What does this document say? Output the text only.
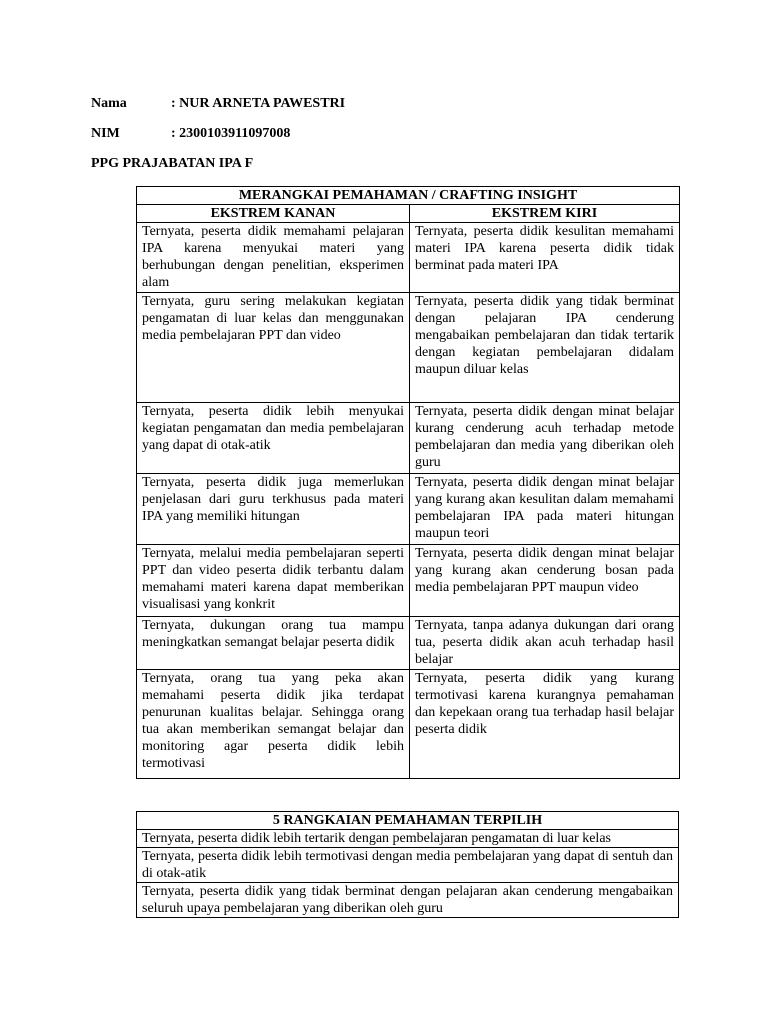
Nama	: NUR ARNETA PAWESTRI
NIM	: 2300103911097008
PPG PRAJABATAN IPA F
MERANGKAI PEMAHAMAN / CRAFTING INSIGHT	
EKSTREM KANAN	EKSTREM KIRI
Ternyata, peserta didik memahami pelajaran IPA karena menyukai materi yang berhubungan dengan penelitian, eksperimen alam	Ternyata, peserta didik kesulitan memahami materi IPA karena peserta didik tidak berminat pada materi IPA
Ternyata, guru sering melakukan kegiatan pengamatan di luar kelas dan menggunakan media pembelajaran PPT dan video	Ternyata, peserta didik yang tidak berminat dengan pelajaran IPA cenderung mengabaikan pembelajaran dan tidak tertarik dengan kegiatan pembelajaran didalam maupun diluar kelas
Ternyata, peserta didik lebih menyukai kegiatan pengamatan dan media pembelajaran yang dapat di otak-atik	Ternyata, peserta didik dengan minat belajar kurang cenderung acuh terhadap metode pembelajaran dan media yang diberikan oleh guru
Ternyata, peserta didik juga memerlukan penjelasan dari guru terkhusus pada materi IPA yang memiliki hitungan	Ternyata, peserta didik dengan minat belajar yang kurang akan kesulitan dalam memahami pembelajaran IPA pada materi hitungan maupun teori
Ternyata, melalui media pembelajaran seperti PPT dan video peserta didik terbantu dalam memahami materi karena dapat memberikan visualisasi yang konkrit	Ternyata, peserta didik dengan minat belajar yang kurang akan cenderung bosan pada media pembelajaran PPT maupun video
Ternyata, dukungan orang tua mampu meningkatkan semangat belajar peserta didik	Ternyata, tanpa adanya dukungan dari orang tua, peserta didik akan acuh terhadap hasil belajar
Ternyata, orang tua yang peka akan memahami peserta didik jika terdapat penurunan kualitas belajar. Sehingga orang tua akan memberikan semangat belajar dan monitoring agar peserta didik lebih termotivasi	Ternyata, peserta didik yang kurang termotivasi karena kurangnya pemahaman dan kepekaan orang tua terhadap hasil belajar peserta didik
5 RANGKAIAN PEMAHAMAN TERPILIH
Ternyata, peserta didik lebih tertarik dengan pembelajaran pengamatan di luar kelas
Ternyata, peserta didik lebih termotivasi dengan media pembelajaran yang dapat di sentuh dan di otak-atik
Ternyata, peserta didik yang tidak berminat dengan pelajaran akan cenderung mengabaikan seluruh upaya pembelajaran yang diberikan oleh guru
